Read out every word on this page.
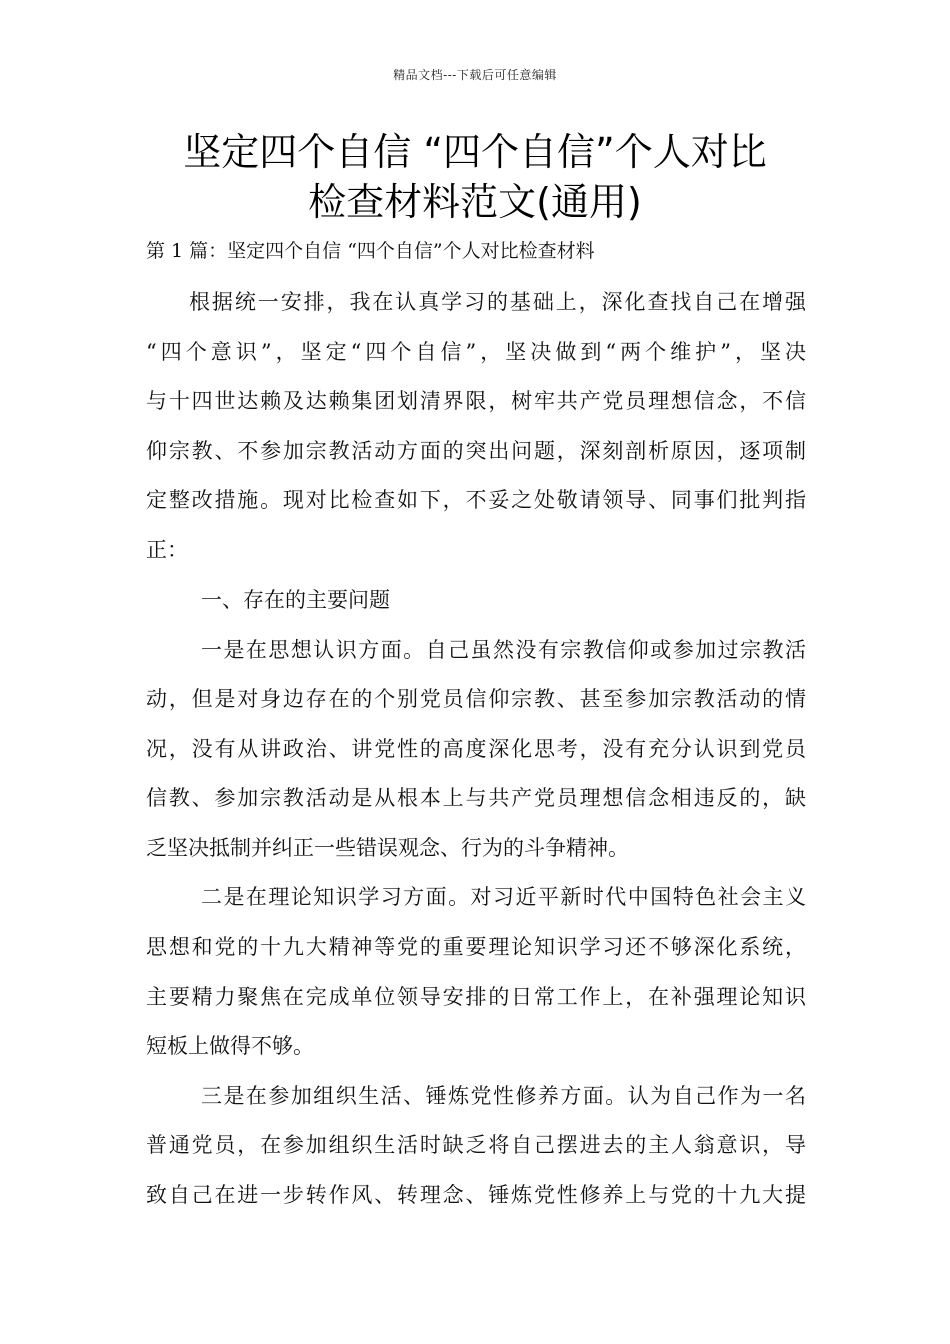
精品文档---下载后可任意编辑
坚定四个自信 “四个自信”个人对比
检查材料范文(通用)
第 1 篇：坚定四个自信 “四个自信”个人对比检查材料
根据统一安排，我在认真学习的基础上，深化查找自己在增强
“四个意识”，坚定“四个自信”，坚决做到“两个维护”，坚决
与十四世达赖及达赖集团划清界限，树牢共产党员理想信念，不信
仰宗教、不参加宗教活动方面的突出问题，深刻剖析原因，逐项制
定整改措施。现对比检查如下，不妥之处敬请领导、同事们批判指
正：
一、存在的主要问题
一是在思想认识方面。自己虽然没有宗教信仰或参加过宗教活
动，但是对身边存在的个别党员信仰宗教、甚至参加宗教活动的情
况，没有从讲政治、讲党性的高度深化思考，没有充分认识到党员
信教、参加宗教活动是从根本上与共产党员理想信念相违反的，缺
乏坚决抵制并纠正一些错误观念、行为的斗争精神。
二是在理论知识学习方面。对习近平新时代中国特色社会主义
思想和党的十九大精神等党的重要理论知识学习还不够深化系统，
主要精力聚焦在完成单位领导安排的日常工作上，在补强理论知识
短板上做得不够。
三是在参加组织生活、锤炼党性修养方面。认为自己作为一名
普通党员，在参加组织生活时缺乏将自己摆进去的主人翁意识，导
致自己在进一步转作风、转理念、锤炼党性修养上与党的十九大提
